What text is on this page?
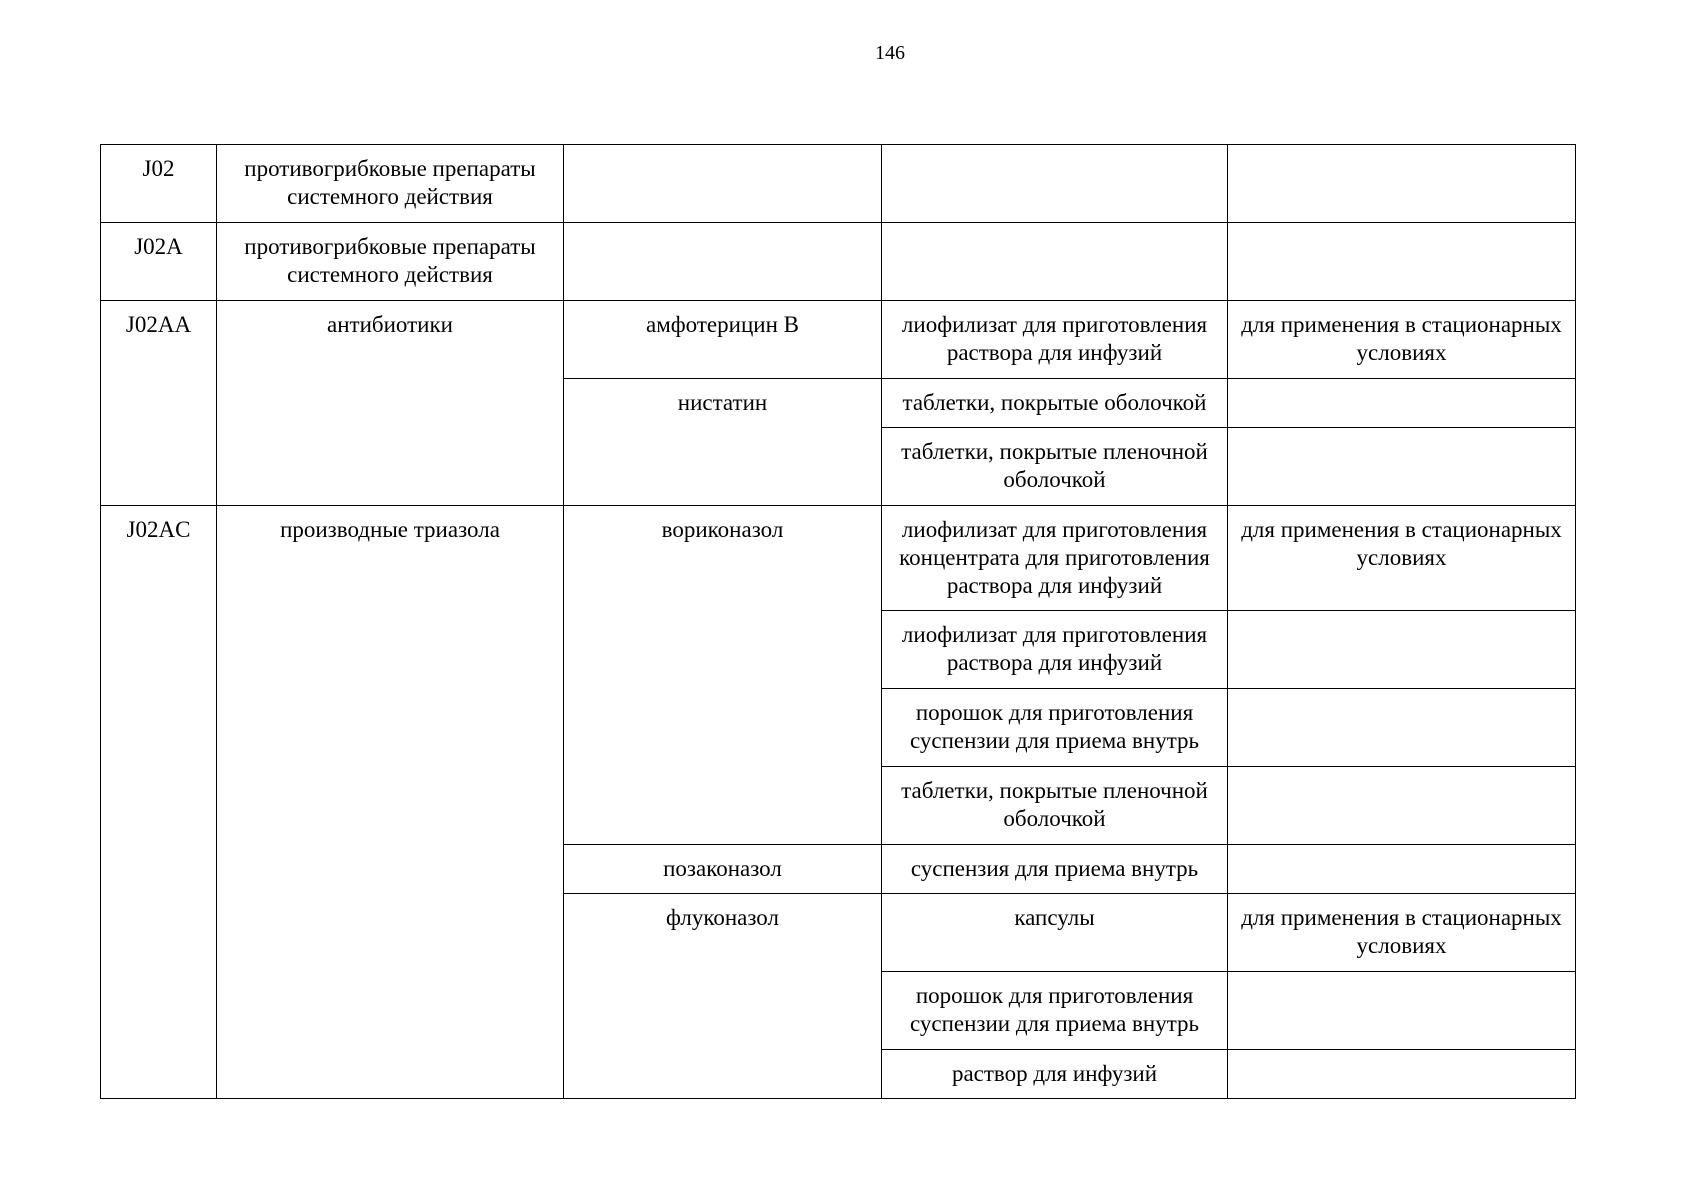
146
J02	противогрибковые препараты системного действия			
J02A	противогрибковые препараты системного действия			
J02AA	антибиотики	амфотерицин B	лиофилизат для приготовления раствора для инфузий	для применения в стационарных условиях
		нистатин	таблетки, покрытые оболочкой	
			таблетки, покрытые пленочной оболочкой	
J02AC	производные триазола	вориконазол	лиофилизат для приготовления концентрата для приготовления раствора для инфузий	для применения в стационарных условиях
			лиофилизат для приготовления раствора для инфузий	
			порошок для приготовления суспензии для приема внутрь	
			таблетки, покрытые пленочной оболочкой	
		позаконазол	суспензия для приема внутрь	
		флуконазол	капсулы	для применения в стационарных условиях
			порошок для приготовления суспензии для приема внутрь	
			раствор для инфузий	
